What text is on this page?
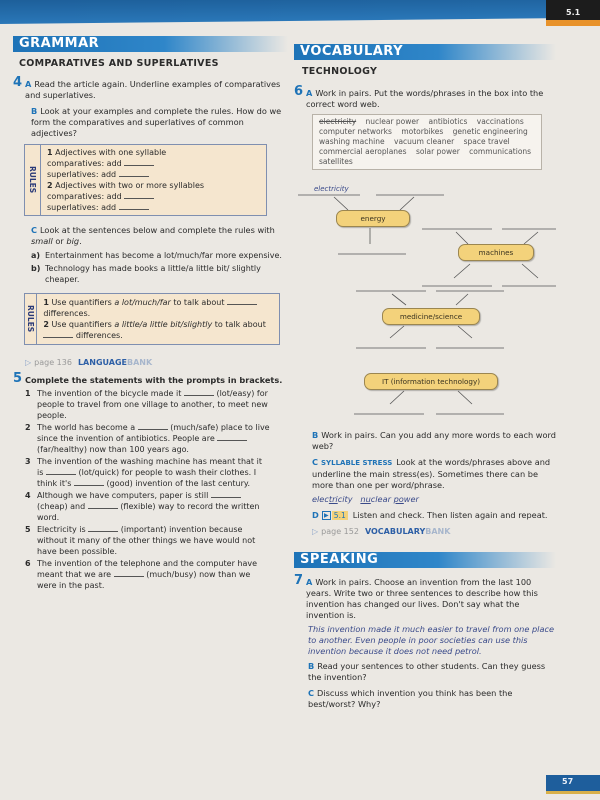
5.1
GRAMMAR
COMPARATIVES AND SUPERLATIVES
4 A Read the article again. Underline examples of comparatives and superlatives.
B Look at your examples and complete the rules. How do we form the comparatives and superlatives of common adjectives?
RULES
1 Adjectives with one syllable
comparatives: add
superlatives: add
2 Adjectives with two or more syllables
comparatives: add
superlatives: add
C Look at the sentences below and complete the rules with small or big.
a) Entertainment has become a lot/much/far more expensive.
b) Technology has made books a little/a little bit/ slightly cheaper.
RULES
1 Use quantifiers a lot/much/far to talk about  differences.
2 Use quantifiers a little/a little bit/slightly to talk about  differences.
▷ page 136 LANGUAGEBANK
5 Complete the statements with the prompts in brackets.
1 The invention of the bicycle made it	(lot/easy) for people to travel from one village to another, to meet new people.
2 The world has become a	(much/safe) place to live since the invention of antibiotics. People are  (far/healthy) now than 100 years ago.
3 The invention of the washing machine has meant that it is	(lot/quick) for people to wash their clothes. I think it's	(good) invention of the last century.
4 Although we have computers, paper is still  (cheap) and	(flexible) way to record the written word.
5 Electricity is	(important) invention because without it many of the other things we have would not have been possible.
6 The invention of the telephone and the computer have meant that we are	(much/busy) now than we were in the past.
VOCABULARY
TECHNOLOGY
6 A Work in pairs. Put the words/phrases in the box into the correct word web.
electricity nuclear power antibiotics vaccinations computer networks motorbikes genetic engineering washing machine vacuum cleaner space travel commercial aeroplanes solar power communications satellites
electricity
energy
machines
medicine/science
IT (information technology)
B Work in pairs. Can you add any more words to each word web?
C SYLLABLE STRESS Look at the words/phrases above and underline the main stress(es). Sometimes there can be more than one per word/phrase.
electricity nuclear power
D ▶ 5.1 Listen and check. Then listen again and repeat.
▷ page 152 VOCABULARYBANK
SPEAKING
7 A Work in pairs. Choose an invention from the last 100 years. Write two or three sentences to describe how this invention has changed our lives. Don't say what the invention is.
This invention made it much easier to travel from one place to another. Even people in poor societies can use this invention because it does not need petrol.
B Read your sentences to other students. Can they guess the invention?
C Discuss which invention you think has been the best/worst? Why?
57
